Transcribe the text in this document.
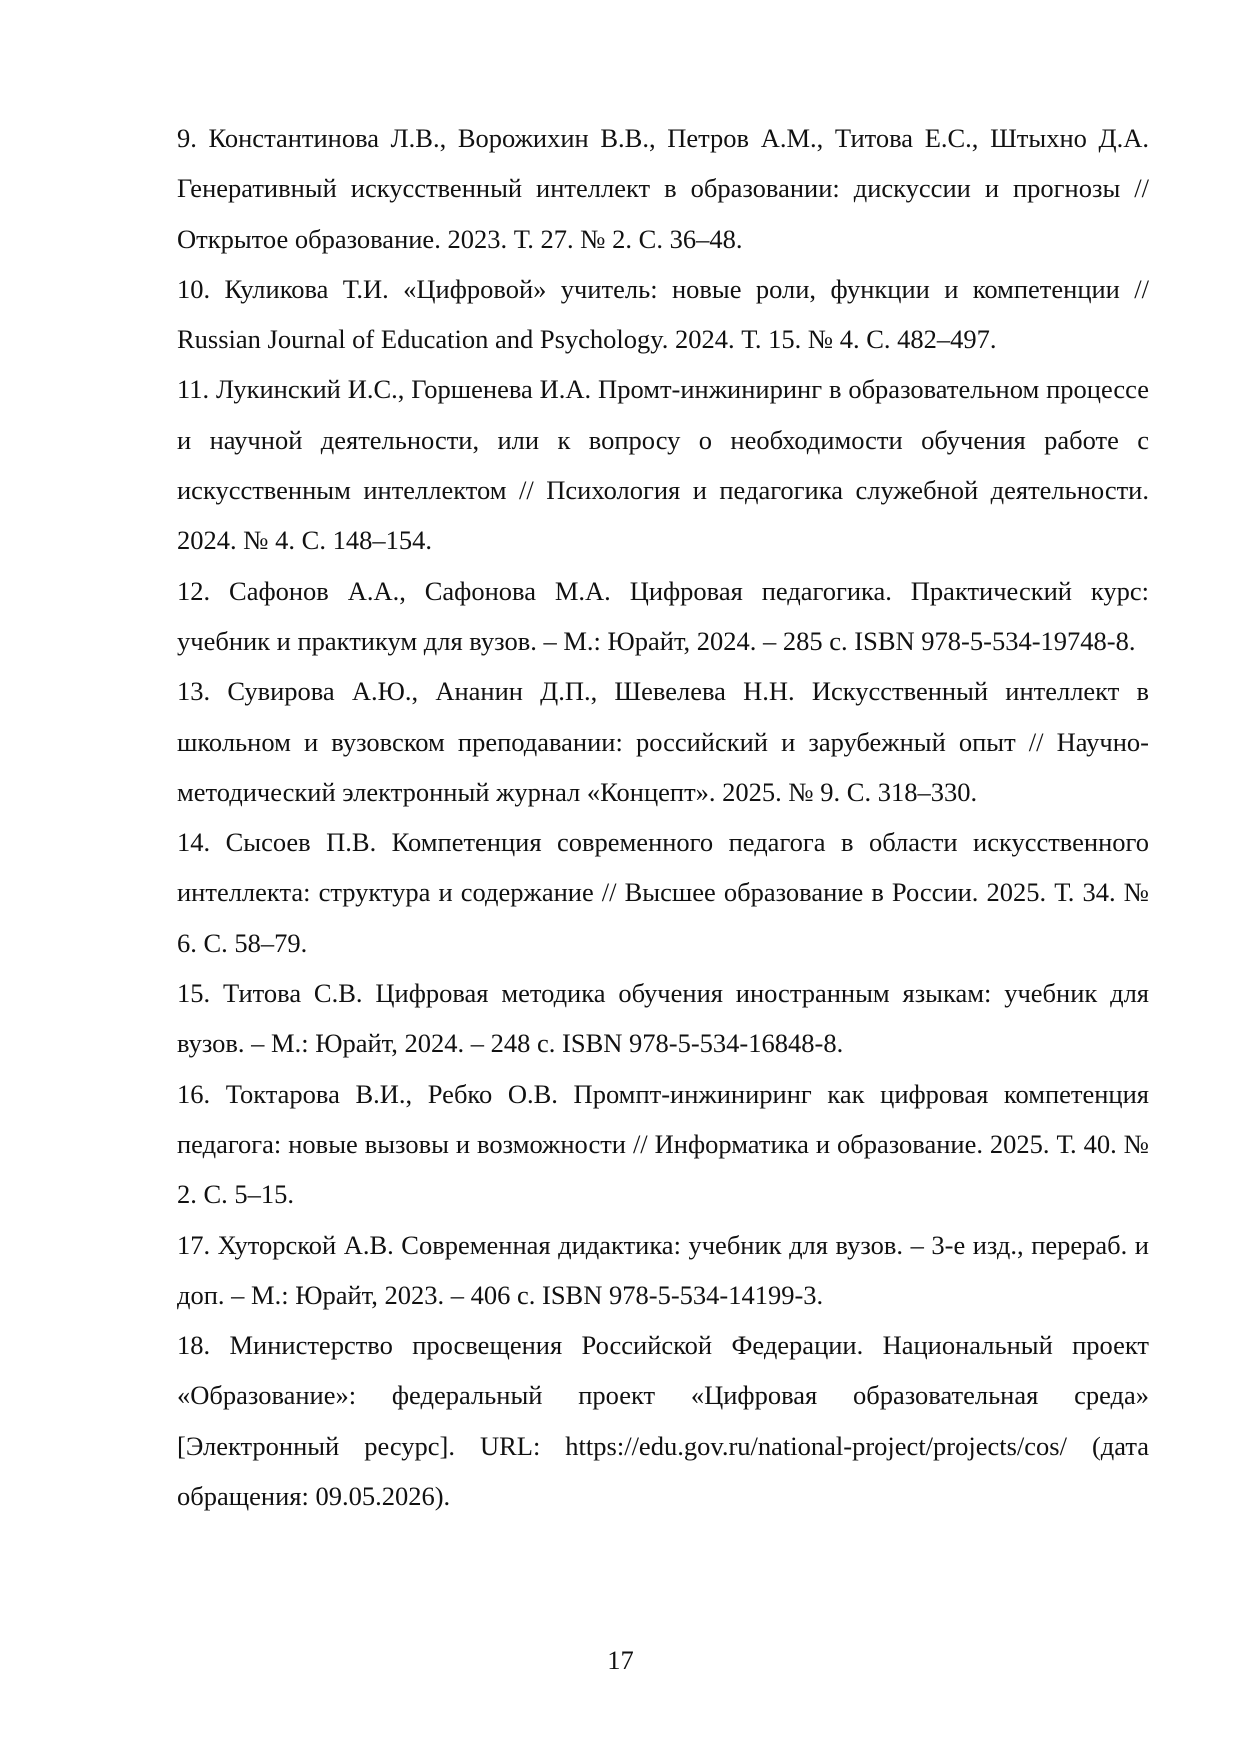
9. Константинова Л.В., Ворожихин В.В., Петров А.М., Титова Е.С., Штыхно Д.А. Генеративный искусственный интеллект в образовании: дискуссии и прогнозы // Открытое образование. 2023. Т. 27. № 2. С. 36–48.
10. Куликова Т.И. «Цифровой» учитель: новые роли, функции и компетенции // Russian Journal of Education and Psychology. 2024. Т. 15. № 4. С. 482–497.
11. Лукинский И.С., Горшенева И.А. Промт-инжиниринг в образовательном процессе и научной деятельности, или к вопросу о необходимости обучения работе с искусственным интеллектом // Психология и педагогика служебной деятельности. 2024. № 4. С. 148–154.
12. Сафонов А.А., Сафонова М.А. Цифровая педагогика. Практический курс: учебник и практикум для вузов. – М.: Юрайт, 2024. – 285 с. ISBN 978-5-534-19748-8.
13. Сувирова А.Ю., Ананин Д.П., Шевелева Н.Н. Искусственный интеллект в школьном и вузовском преподавании: российский и зарубежный опыт // Научно-методический электронный журнал «Концепт». 2025. № 9. С. 318–330.
14. Сысоев П.В. Компетенция современного педагога в области искусственного интеллекта: структура и содержание // Высшее образование в России. 2025. Т. 34. № 6. С. 58–79.
15. Титова С.В. Цифровая методика обучения иностранным языкам: учебник для вузов. – М.: Юрайт, 2024. – 248 с. ISBN 978-5-534-16848-8.
16. Токтарова В.И., Ребко О.В. Промпт-инжиниринг как цифровая компетенция педагога: новые вызовы и возможности // Информатика и образование. 2025. Т. 40. № 2. С. 5–15.
17. Хуторской А.В. Современная дидактика: учебник для вузов. – 3-е изд., перераб. и доп. – М.: Юрайт, 2023. – 406 с. ISBN 978-5-534-14199-3.
18. Министерство просвещения Российской Федерации. Национальный проект «Образование»: федеральный проект «Цифровая образовательная среда» [Электронный ресурс]. URL: https://edu.gov.ru/national-project/projects/cos/ (дата обращения: 09.05.2026).
17
